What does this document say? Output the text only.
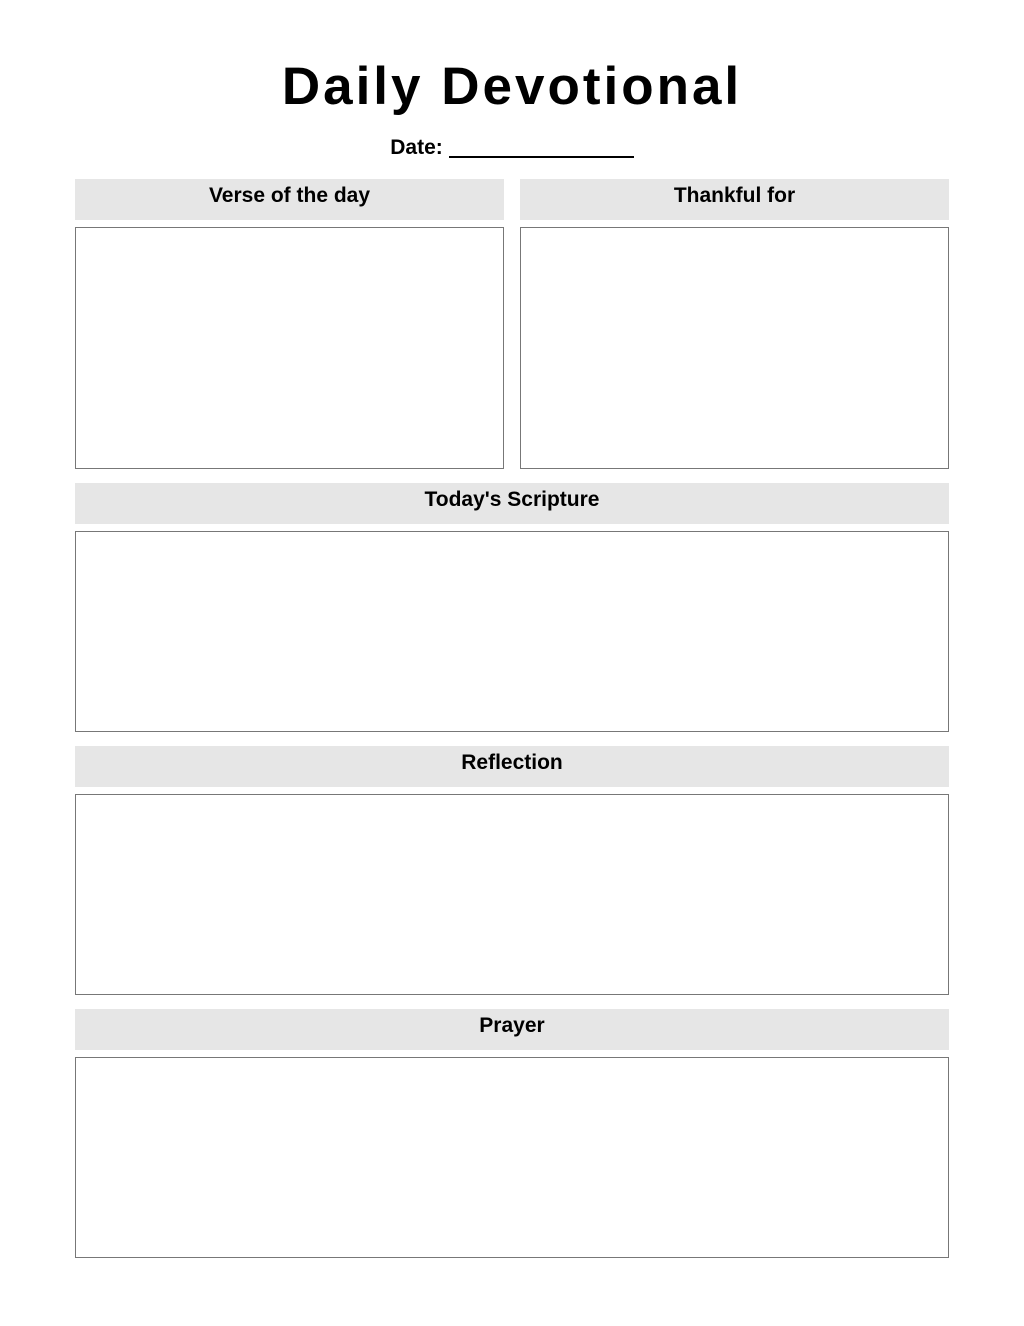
Daily Devotional
Date:
Verse of the day	Thankful for
Today's Scripture
Reflection
Prayer
